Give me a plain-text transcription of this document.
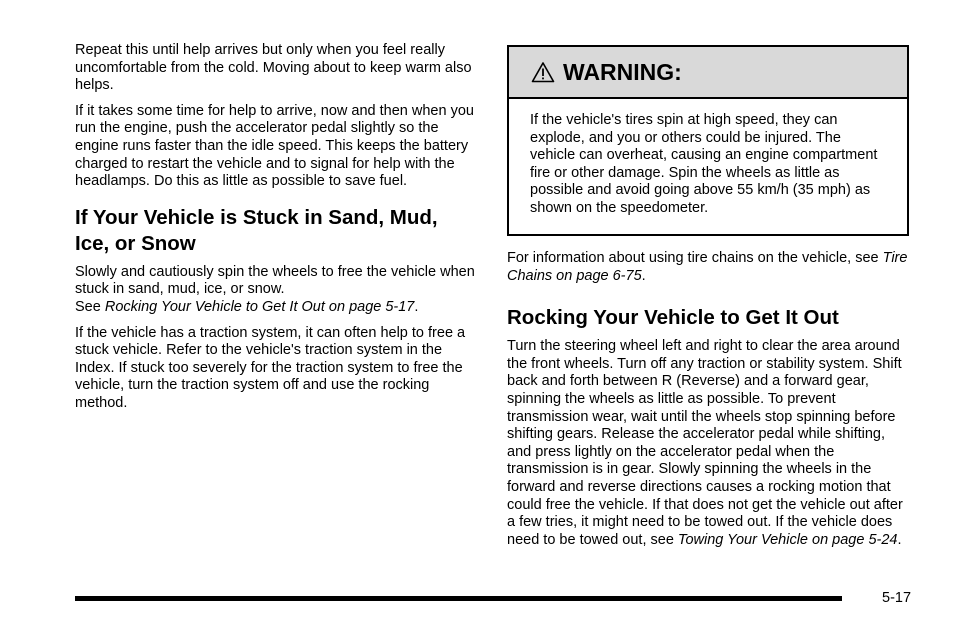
Repeat this until help arrives but only when you feel really uncomfortable from the cold. Moving about to keep warm also helps.

If it takes some time for help to arrive, now and then when you run the engine, push the accelerator pedal slightly so the engine runs faster than the idle speed. This keeps the battery charged to restart the vehicle and to signal for help with the headlamps. Do this as little as possible to save fuel.

If Your Vehicle is Stuck in Sand, Mud, Ice, or Snow

Slowly and cautiously spin the wheels to free the vehicle when stuck in sand, mud, ice, or snow.
See Rocking Your Vehicle to Get It Out on page 5-17.

If the vehicle has a traction system, it can often help to free a stuck vehicle. Refer to the vehicle's traction system in the Index. If stuck too severely for the traction system to free the vehicle, turn the traction system off and use the rocking method.

WARNING:

If the vehicle's tires spin at high speed, they can explode, and you or others could be injured. The vehicle can overheat, causing an engine compartment fire or other damage. Spin the wheels as little as possible and avoid going above 55 km/h (35 mph) as shown on the speedometer.

For information about using tire chains on the vehicle, see Tire Chains on page 6-75.

Rocking Your Vehicle to Get It Out

Turn the steering wheel left and right to clear the area around the front wheels. Turn off any traction or stability system. Shift back and forth between R (Reverse) and a forward gear, spinning the wheels as little as possible. To prevent transmission wear, wait until the wheels stop spinning before shifting gears. Release the accelerator pedal while shifting, and press lightly on the accelerator pedal when the transmission is in gear. Slowly spinning the wheels in the forward and reverse directions causes a rocking motion that could free the vehicle. If that does not get the vehicle out after a few tries, it might need to be towed out. If the vehicle does need to be towed out, see Towing Your Vehicle on page 5-24.

5-17
